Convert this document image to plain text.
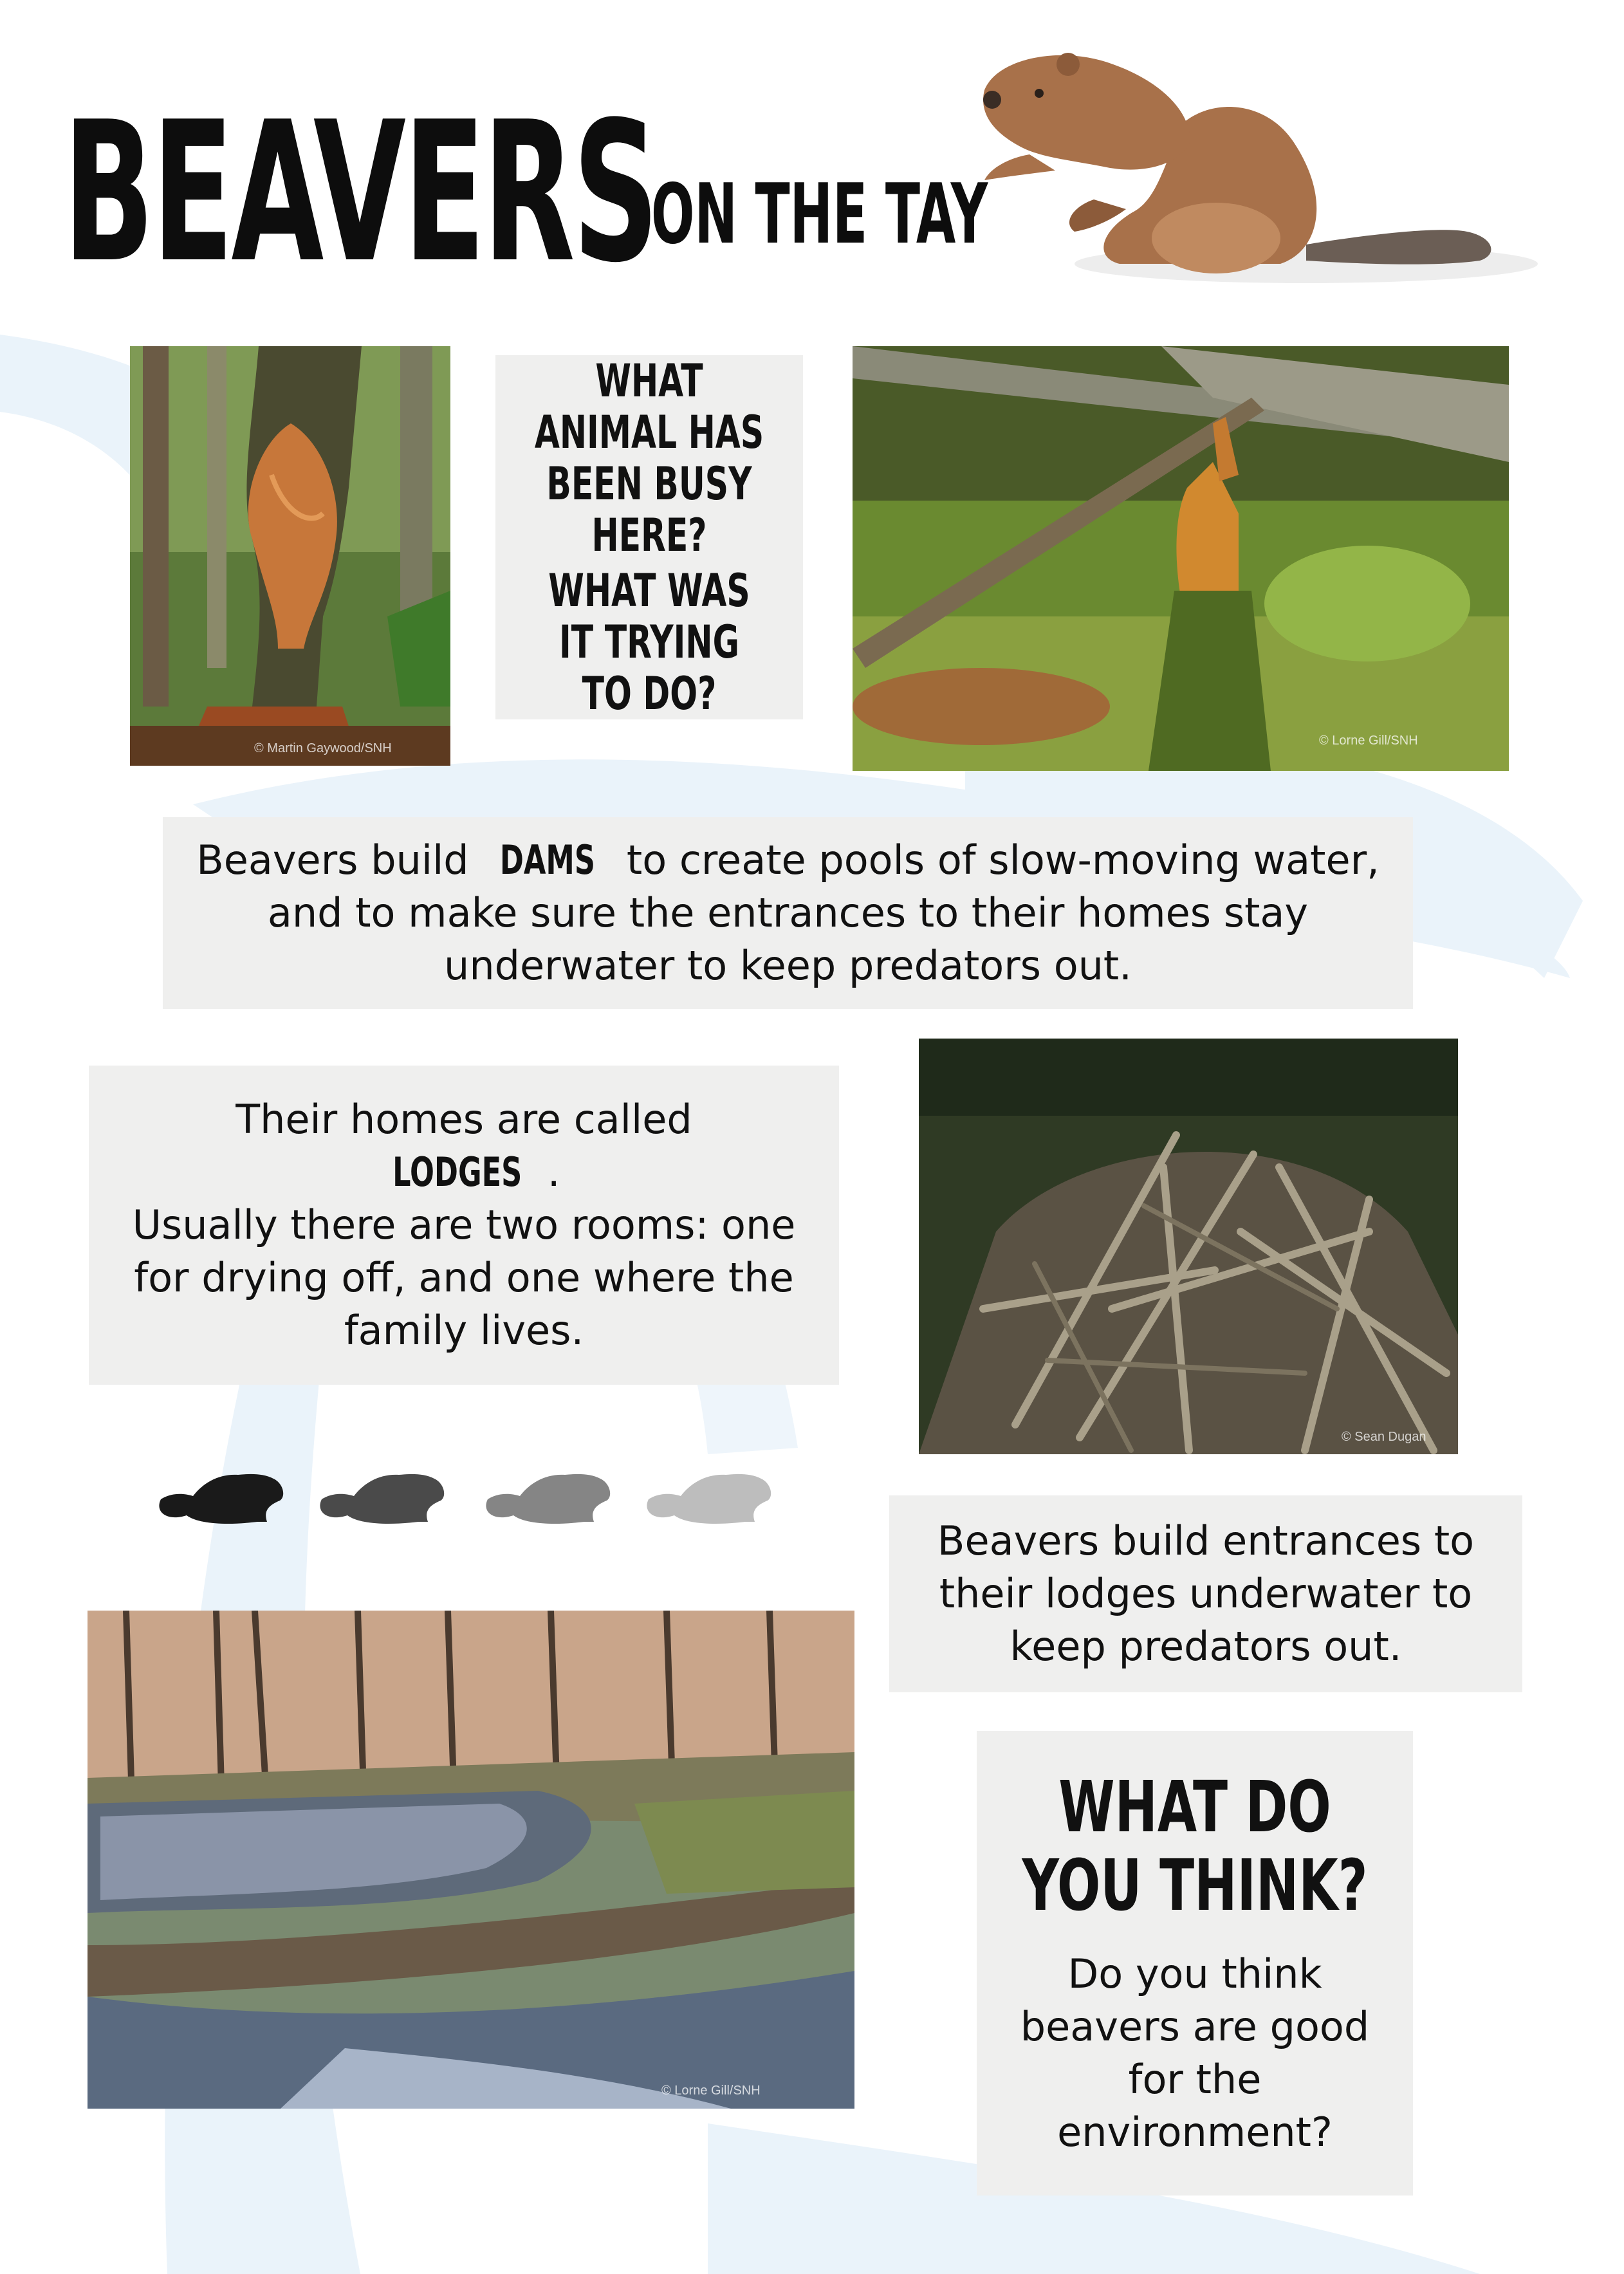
BEAVERS
ON THE TAY
© Martin Gaywood/SNH
WHAT ANIMAL HAS BEEN BUSY HERE?
WHAT WAS IT TRYING TO DO?
© Lorne Gill/SNH
Beavers build DAMS to create pools of slow-moving water, and to make sure the entrances to their homes stay underwater to keep predators out.
Their homes are called
LODGES .
Usually there are two rooms: one for drying off, and one where the family lives.
© Sean Dugan
Beavers build entrances to their lodges underwater to keep predators out.
© Lorne Gill/SNH
WHAT DO YOU THINK?
Do you think beavers are good for the environment?
